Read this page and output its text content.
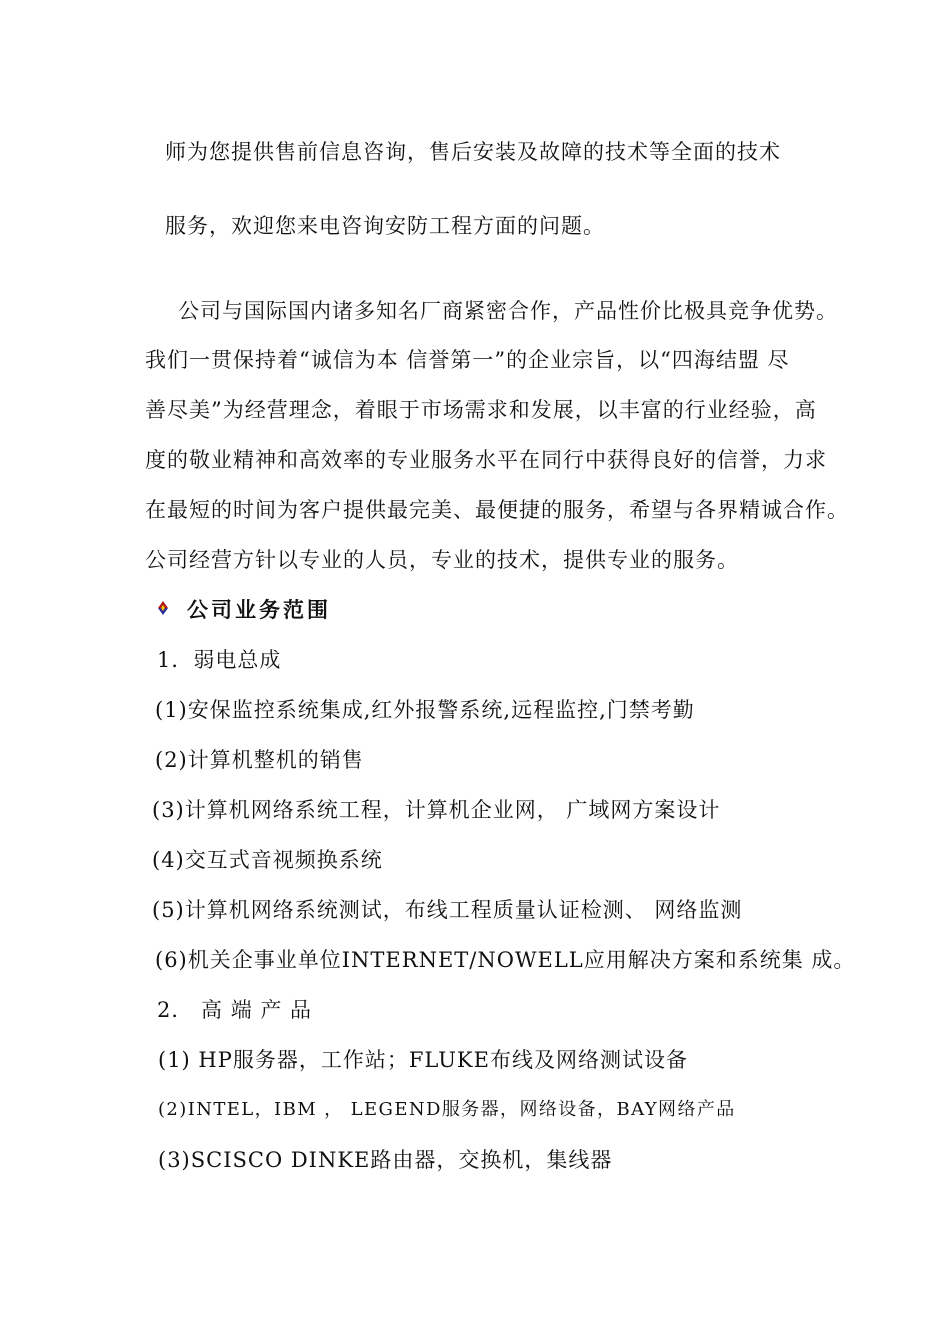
师为您提供售前信息咨询，售后安装及故障的技术等全面的技术
服务，欢迎您来电咨询安防工程方面的问题。
公司与国际国内诸多知名厂商紧密合作，产品性价比极具竞争优势。
我们一贯保持着“诚信为本 信誉第一”的企业宗旨，以“四海结盟 尽
善尽美”为经营理念，着眼于市场需求和发展，以丰富的行业经验，高
度的敬业精神和高效率的专业服务水平在同行中获得良好的信誉，力求
在最短的时间为客户提供最完美、最便捷的服务，希望与各界精诚合作。
公司经营方针以专业的人员，专业的技术，提供专业的服务。
公司业务范围
1．弱电总成
(1)安保监控系统集成,红外报警系统,远程监控,门禁考勤
(2)计算机整机的销售
(3)计算机网络系统工程，计算机企业网， 广域网方案设计
(4)交互式音视频换系统
(5)计算机网络系统测试，布线工程质量认证检测、 网络监测
(6)机关企事业单位INTERNET/NOWELL应用解决方案和系统集 成。
2． 高 端 产 品
(1) HP服务器，工作站；FLUKE布线及网络测试设备
(2)INTEL，IBM ， LEGEND服务器，网络设备，BAY网络产品
(3)SCISCO DINKE路由器，交换机，集线器
